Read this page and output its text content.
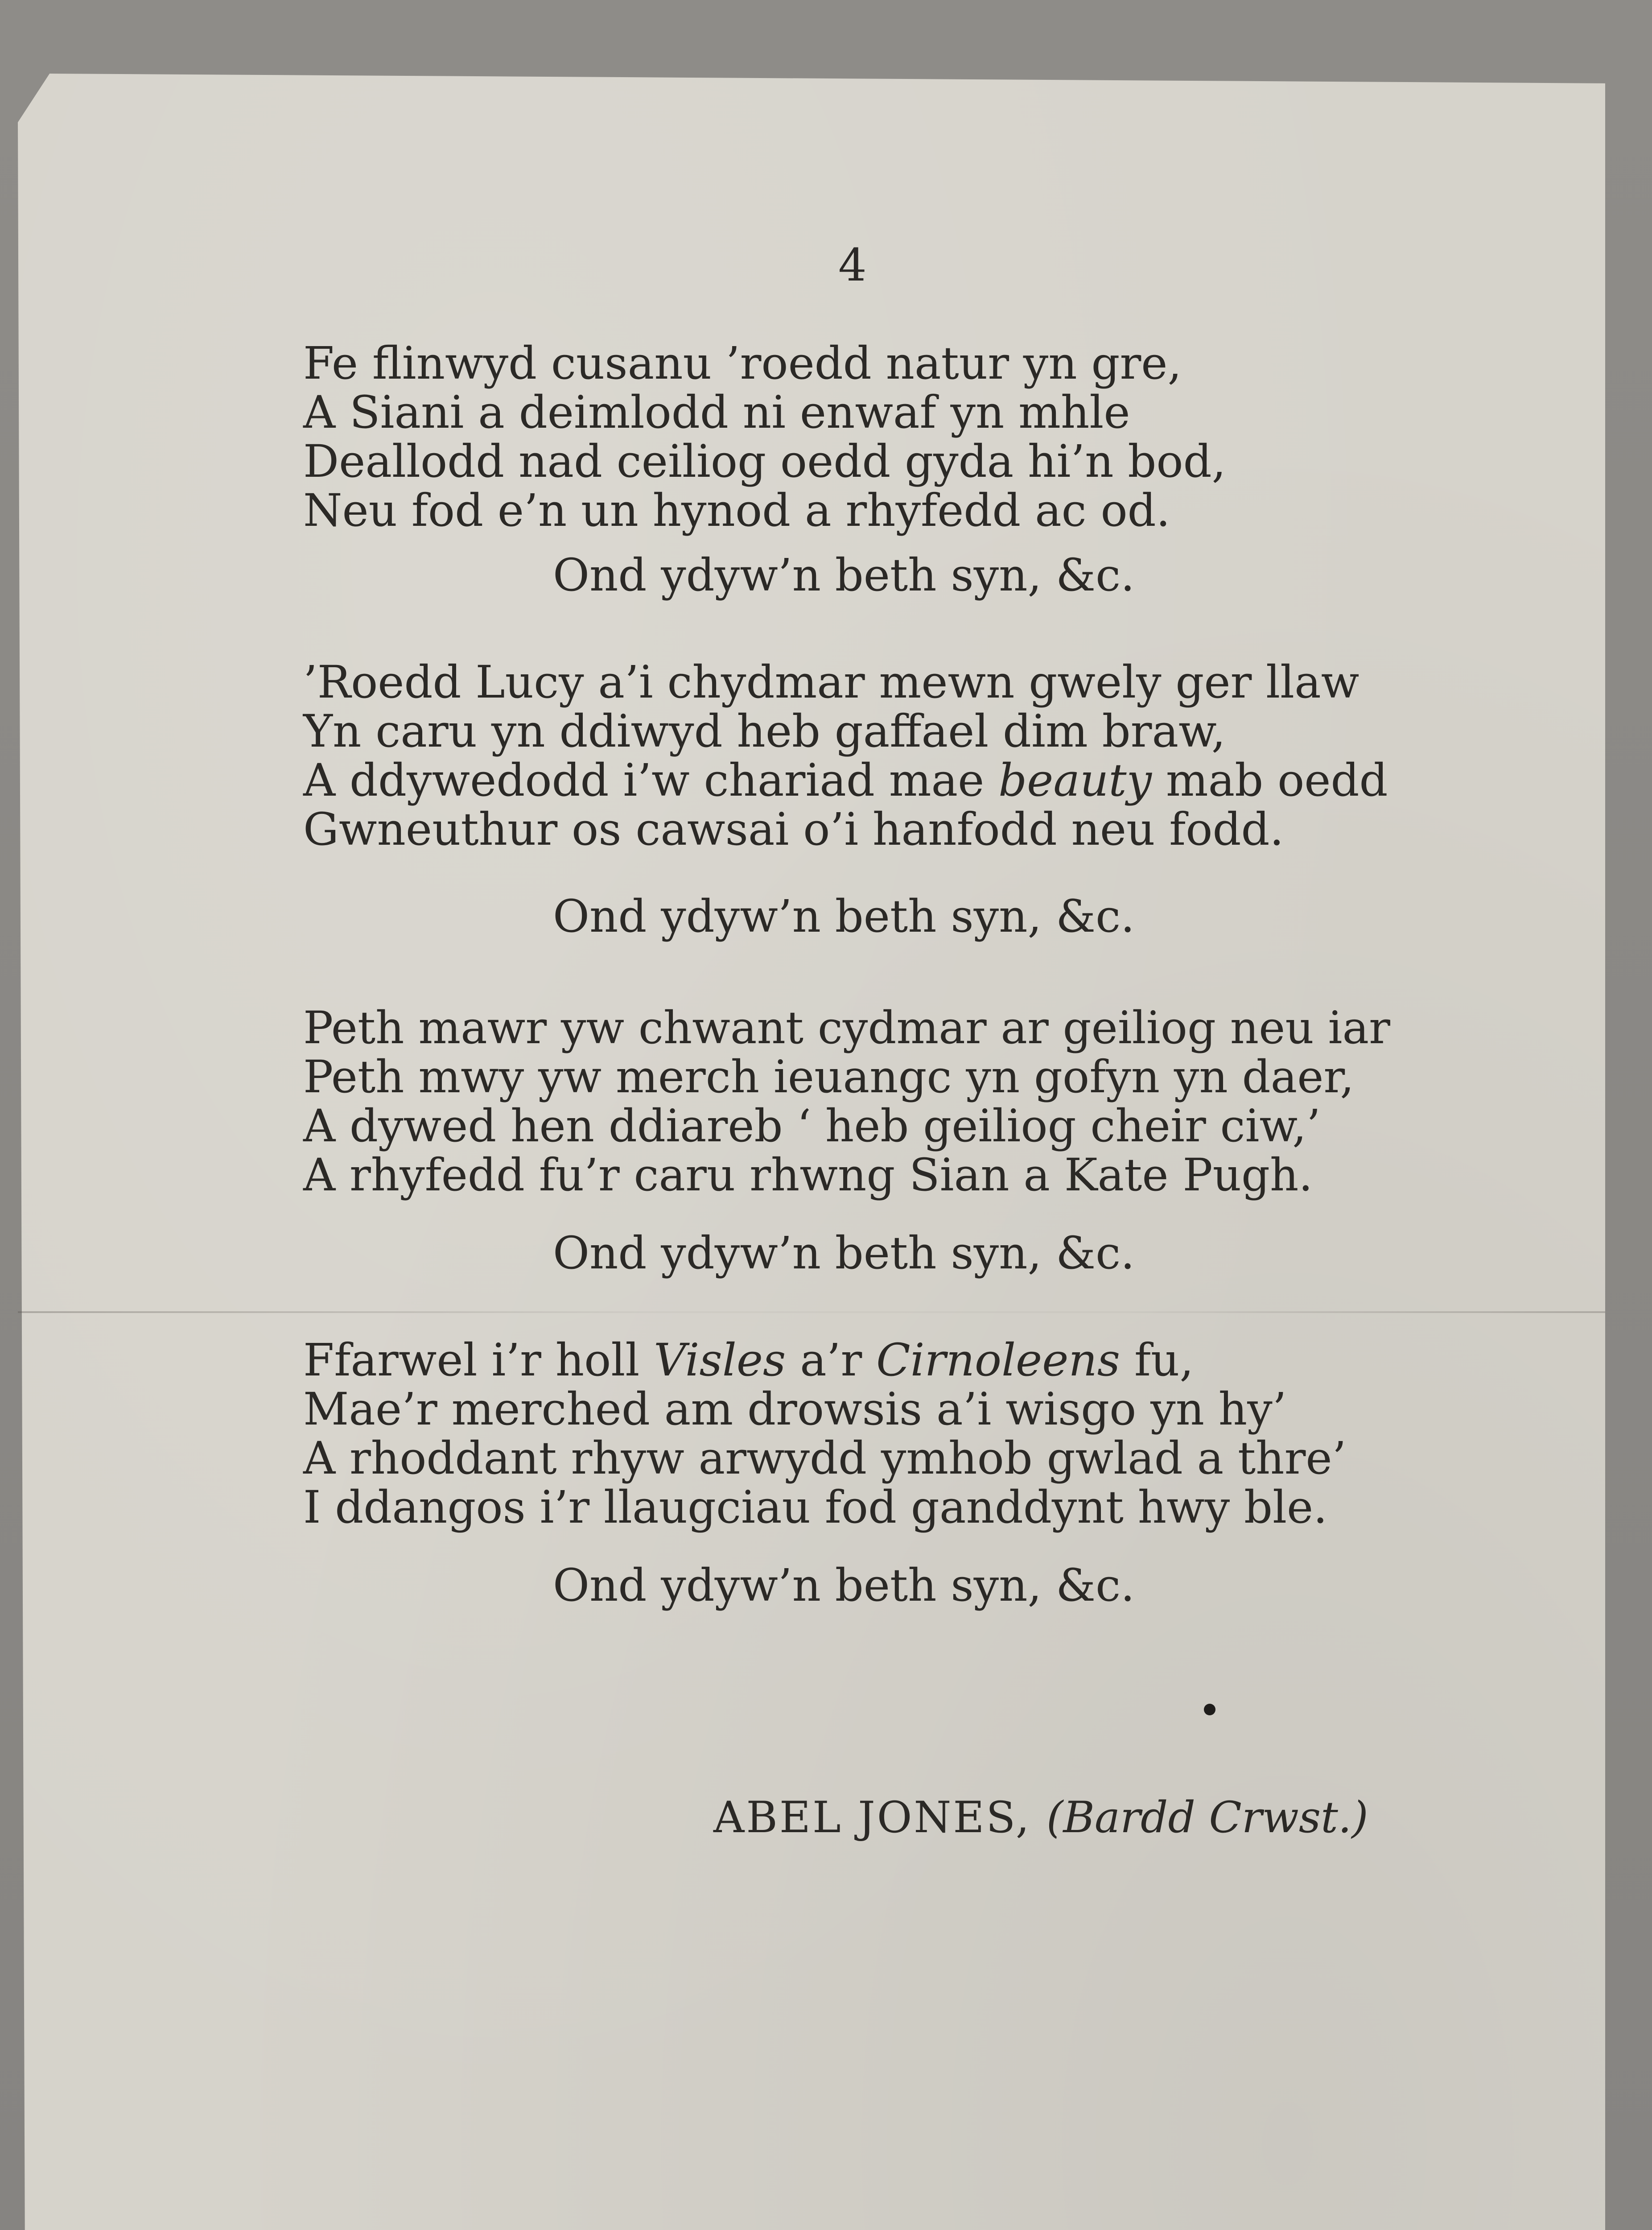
4
Fe flinwyd cusanu ’roedd natur yn gre,
A Siani a deimlodd ni enwaf yn mhle
Deallodd nad ceiliog oedd gyda hi’n bod,
Neu fod e’n un hynod a rhyfedd ac od.
Ond ydyw’n beth syn, &c.
’Roedd Lucy a’i chydmar mewn gwely ger llaw
Yn caru yn ddiwyd heb gaffael dim braw,
A ddywedodd i’w chariad mae beauty mab oedd
Gwneuthur os cawsai o’i hanfodd neu fodd.
Ond ydyw’n beth syn, &c.
Peth mawr yw chwant cydmar ar geiliog neu iar
Peth mwy yw merch ieuangc yn gofyn yn daer,
A dywed hen ddiareb ‘ heb geiliog cheir ciw,’
A rhyfedd fu’r caru rhwng Sian a Kate Pugh.
Ond ydyw’n beth syn, &c.
Ffarwel i’r holl Visles a’r Cirnoleens fu,
Mae’r merched am drowsis a’i wisgo yn hy’
A rhoddant rhyw arwydd ymhob gwlad a thre’
I ddangos i’r llaugciau fod ganddynt hwy ble.
Ond ydyw’n beth syn, &c.
ABEL JONES, (Bardd Crwst.)
